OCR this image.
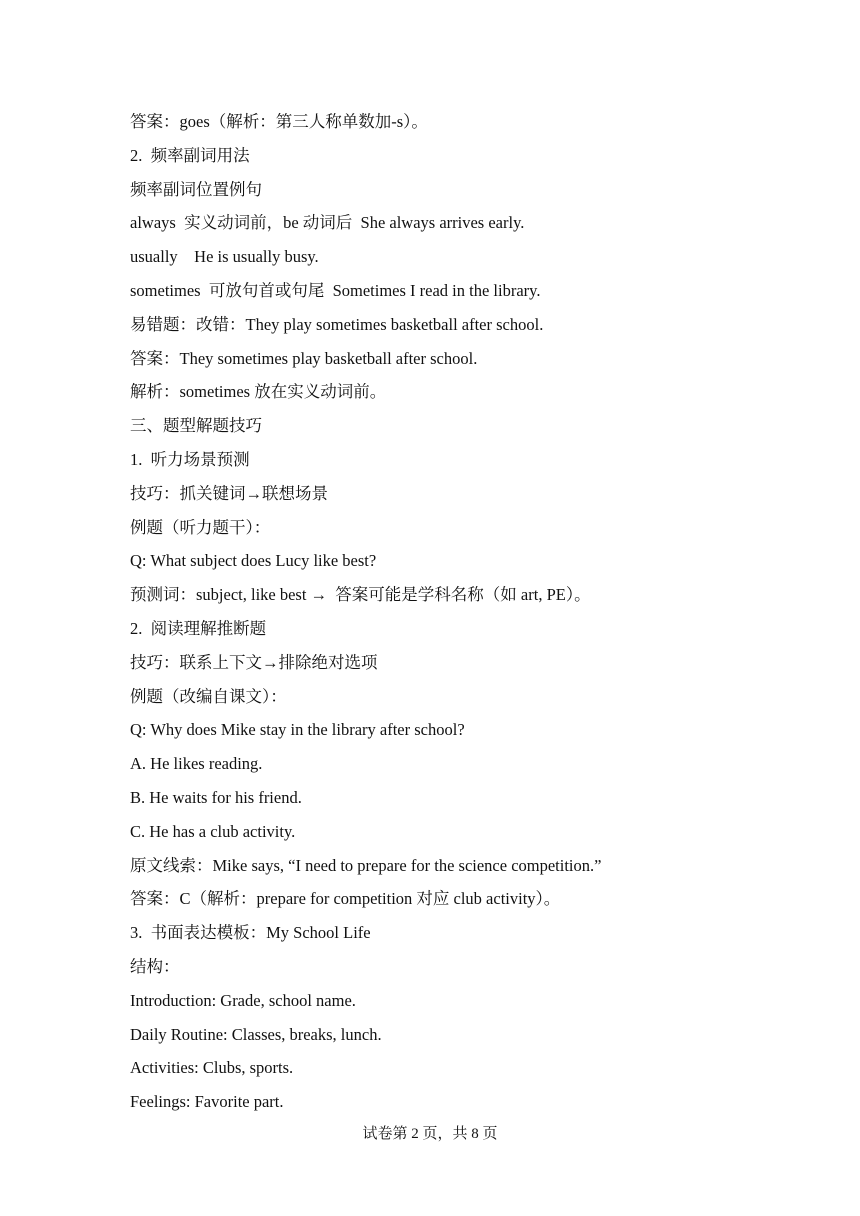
答案：goes（解析：第三人称单数加-s）。
2.  频率副词用法
频率副词位置例句
always  实义动词前，be 动词后  She always arrives early.
usually    He is usually busy.
sometimes  可放句首或句尾  Sometimes I read in the library.
易错题：改错：They play sometimes basketball after school.
答案：They sometimes play basketball after school.
解析：sometimes 放在实义动词前。
三、题型解题技巧
1.  听力场景预测
技巧：抓关键词→联想场景
例题（听力题干）：
Q: What subject does Lucy like best?
预测词：subject, like best →  答案可能是学科名称（如 art, PE）。
2.  阅读理解推断题
技巧：联系上下文→排除绝对选项
例题（改编自课文）：
Q: Why does Mike stay in the library after school?
A. He likes reading.
B. He waits for his friend.
C. He has a club activity.
原文线索：Mike says, “I need to prepare for the science competition.”
答案：C（解析：prepare for competition 对应 club activity）。
3.  书面表达模板：My School Life
结构：
Introduction: Grade, school name.
Daily Routine: Classes, breaks, lunch.
Activities: Clubs, sports.
Feelings: Favorite part.
试卷第 2 页，共 8 页
